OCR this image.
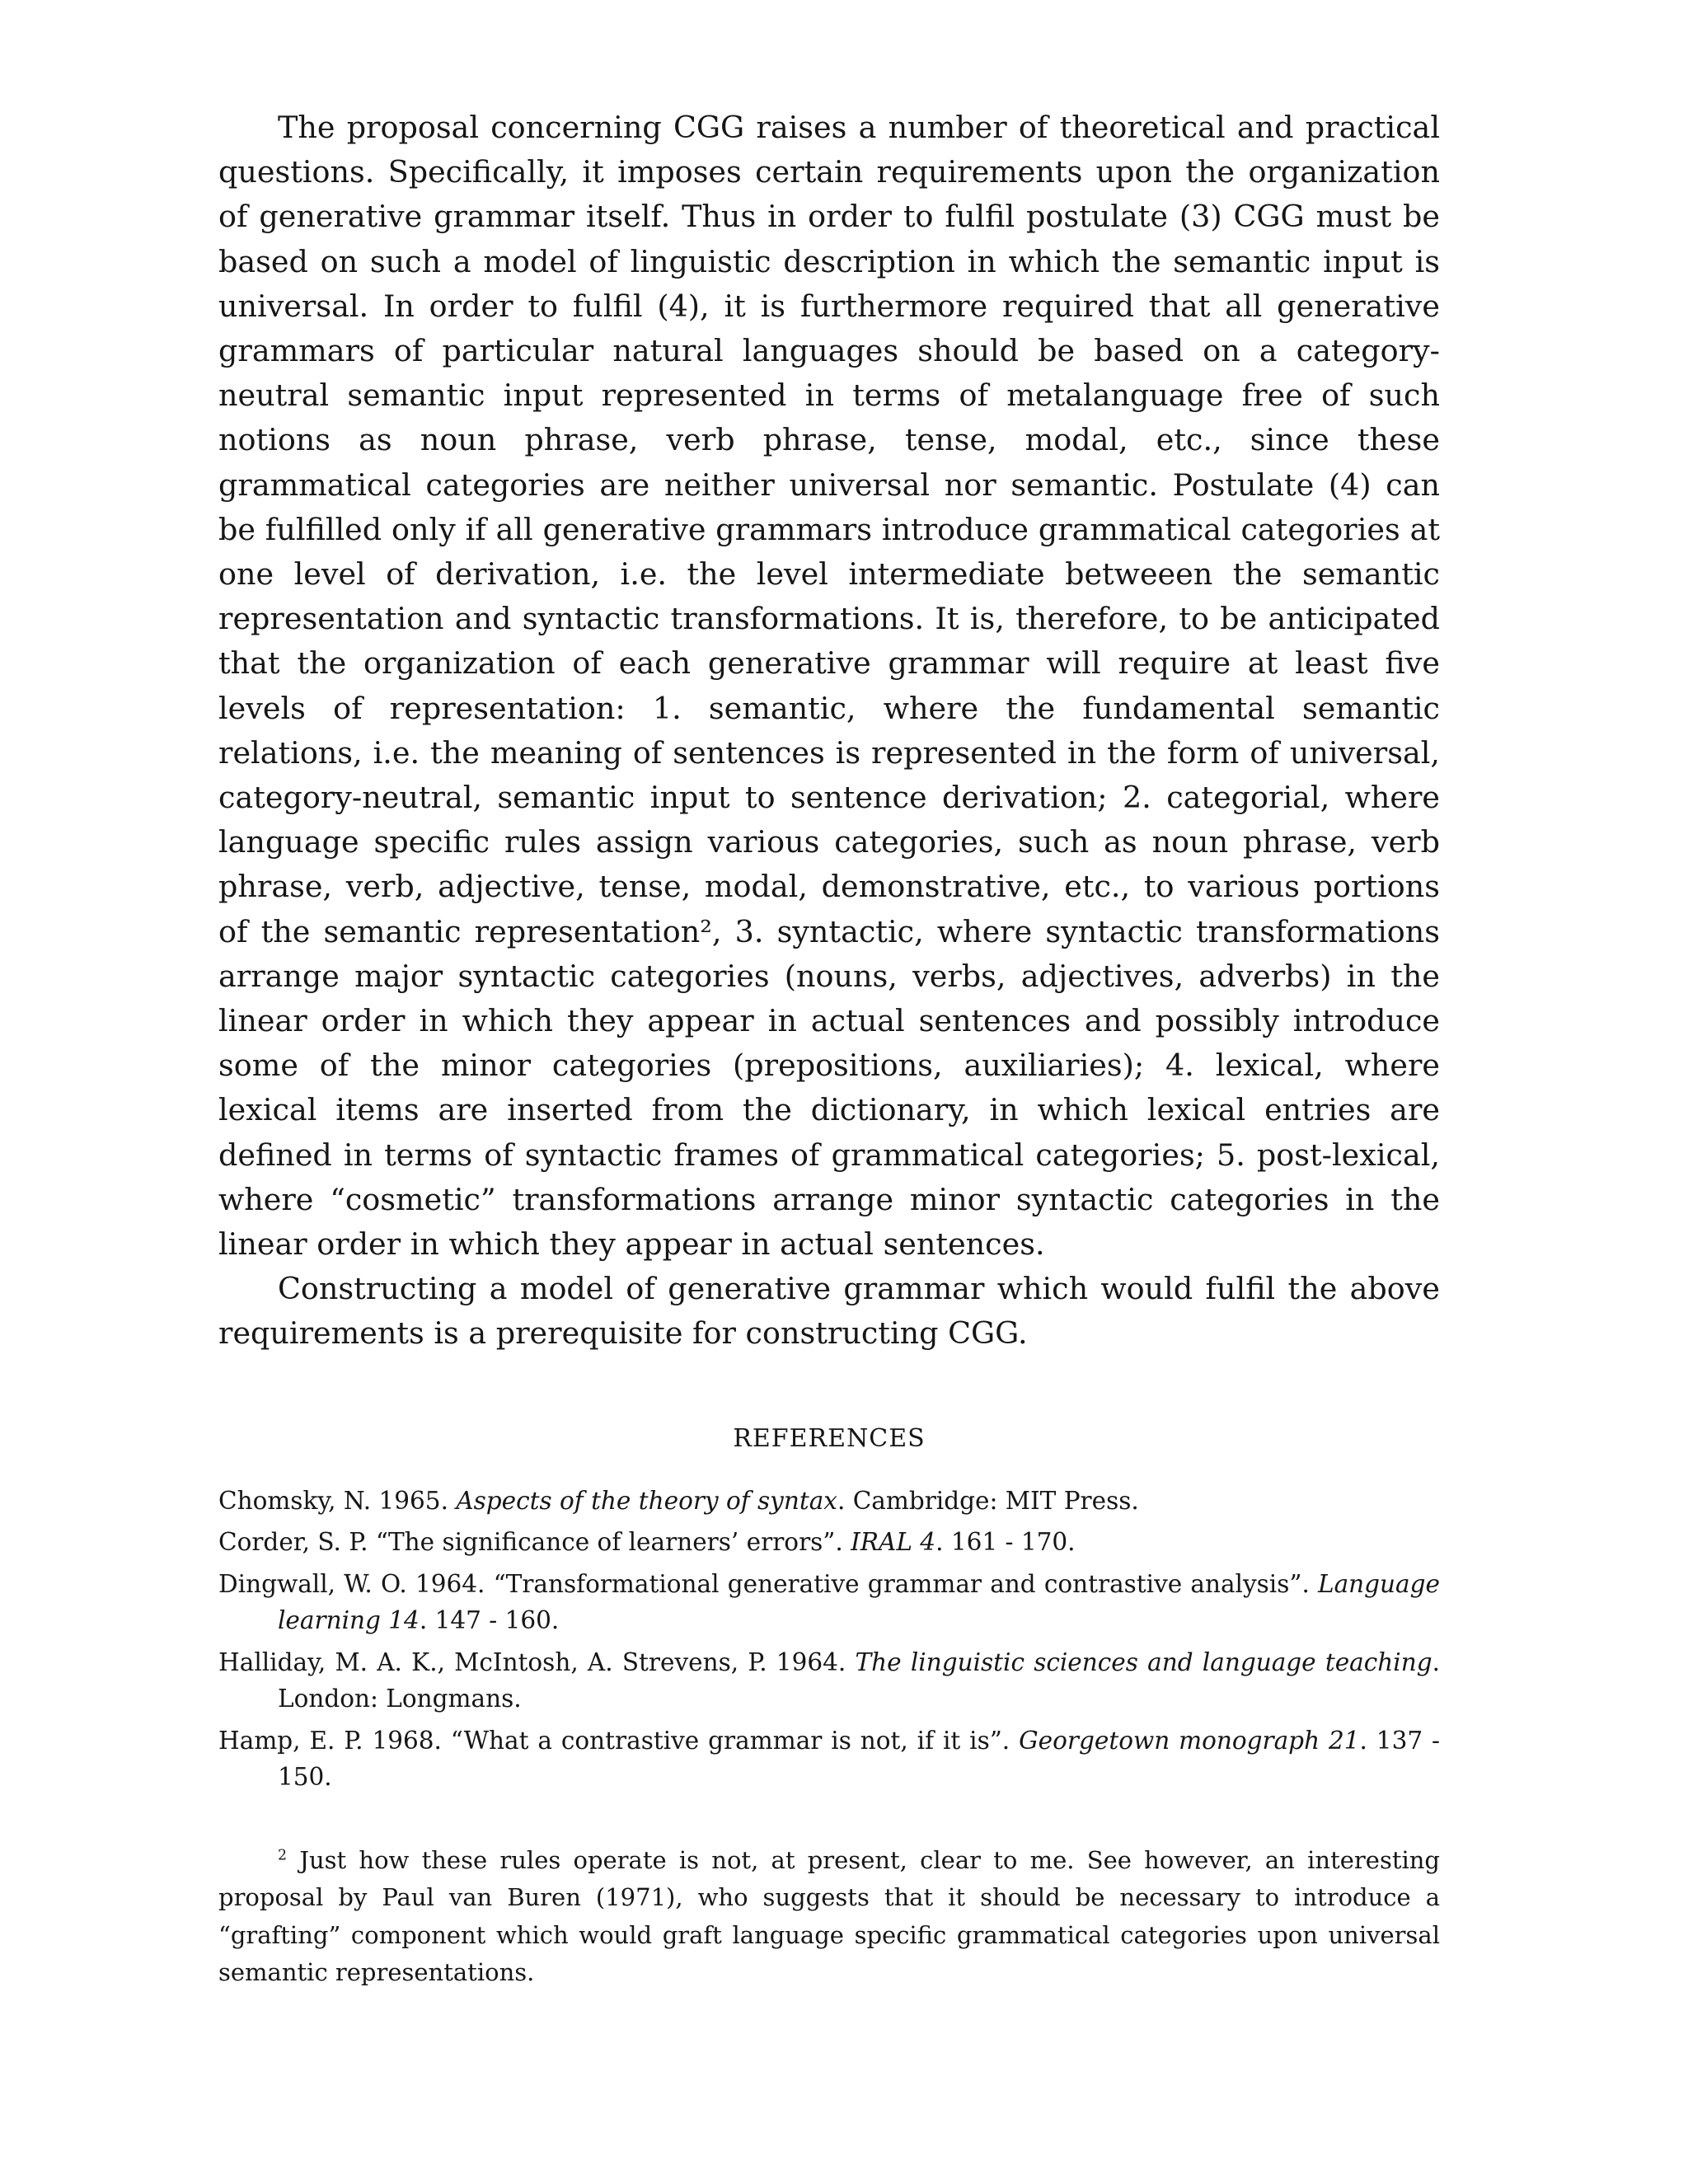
The proposal concerning CGG raises a number of theoretical and practical questions. Specifically, it imposes certain requirements upon the organization of generative grammar itself. Thus in order to fulfil postulate (3) CGG must be based on such a model of linguistic description in which the semantic input is universal. In order to fulfil (4), it is furthermore required that all generative grammars of particular natural languages should be based on a category-neutral semantic input represented in terms of metalanguage free of such notions as noun phrase, verb phrase, tense, modal, etc., since these grammatical categories are neither universal nor semantic. Postulate (4) can be fulfilled only if all generative grammars introduce grammatical categories at one level of derivation, i.e. the level intermediate betweeen the semantic representation and syntactic transformations. It is, therefore, to be anticipated that the organization of each generative grammar will require at least five levels of representation: 1. semantic, where the fundamental semantic relations, i.e. the meaning of sentences is represented in the form of universal, category-neutral, semantic input to sentence derivation; 2. categorial, where language specific rules assign various categories, such as noun phrase, verb phrase, verb, adjective, tense, modal, demonstrative, etc., to various portions of the semantic representation², 3. syntactic, where syntactic transformations arrange major syntactic categories (nouns, verbs, adjectives, adverbs) in the linear order in which they appear in actual sentences and possibly introduce some of the minor categories (prepositions, auxiliaries); 4. lexical, where lexical items are inserted from the dictionary, in which lexical entries are defined in terms of syntactic frames of grammatical categories; 5. post-lexical, where “cosmetic” transformations arrange minor syntactic categories in the linear order in which they appear in actual sentences.

Constructing a model of generative grammar which would fulfil the above requirements is a prerequisite for constructing CGG.

REFERENCES
Chomsky, N. 1965. Aspects of the theory of syntax. Cambridge: MIT Press.
Corder, S. P. “The significance of learners’ errors”. IRAL 4. 161 - 170.
Dingwall, W. O. 1964. “Transformational generative grammar and contrastive analysis”. Language learning 14. 147 - 160.
Halliday, M. A. K., McIntosh, A. Strevens, P. 1964. The linguistic sciences and language teaching. London: Longmans.
Hamp, E. P. 1968. “What a contrastive grammar is not, if it is”. Georgetown monograph 21. 137 - 150.
$^2$ Just how these rules operate is not, at present, clear to me. See however, an interesting proposal by Paul van Buren (1971), who suggests that it should be necessary to introduce a “grafting” component which would graft language specific grammatical categories upon universal semantic representations.
